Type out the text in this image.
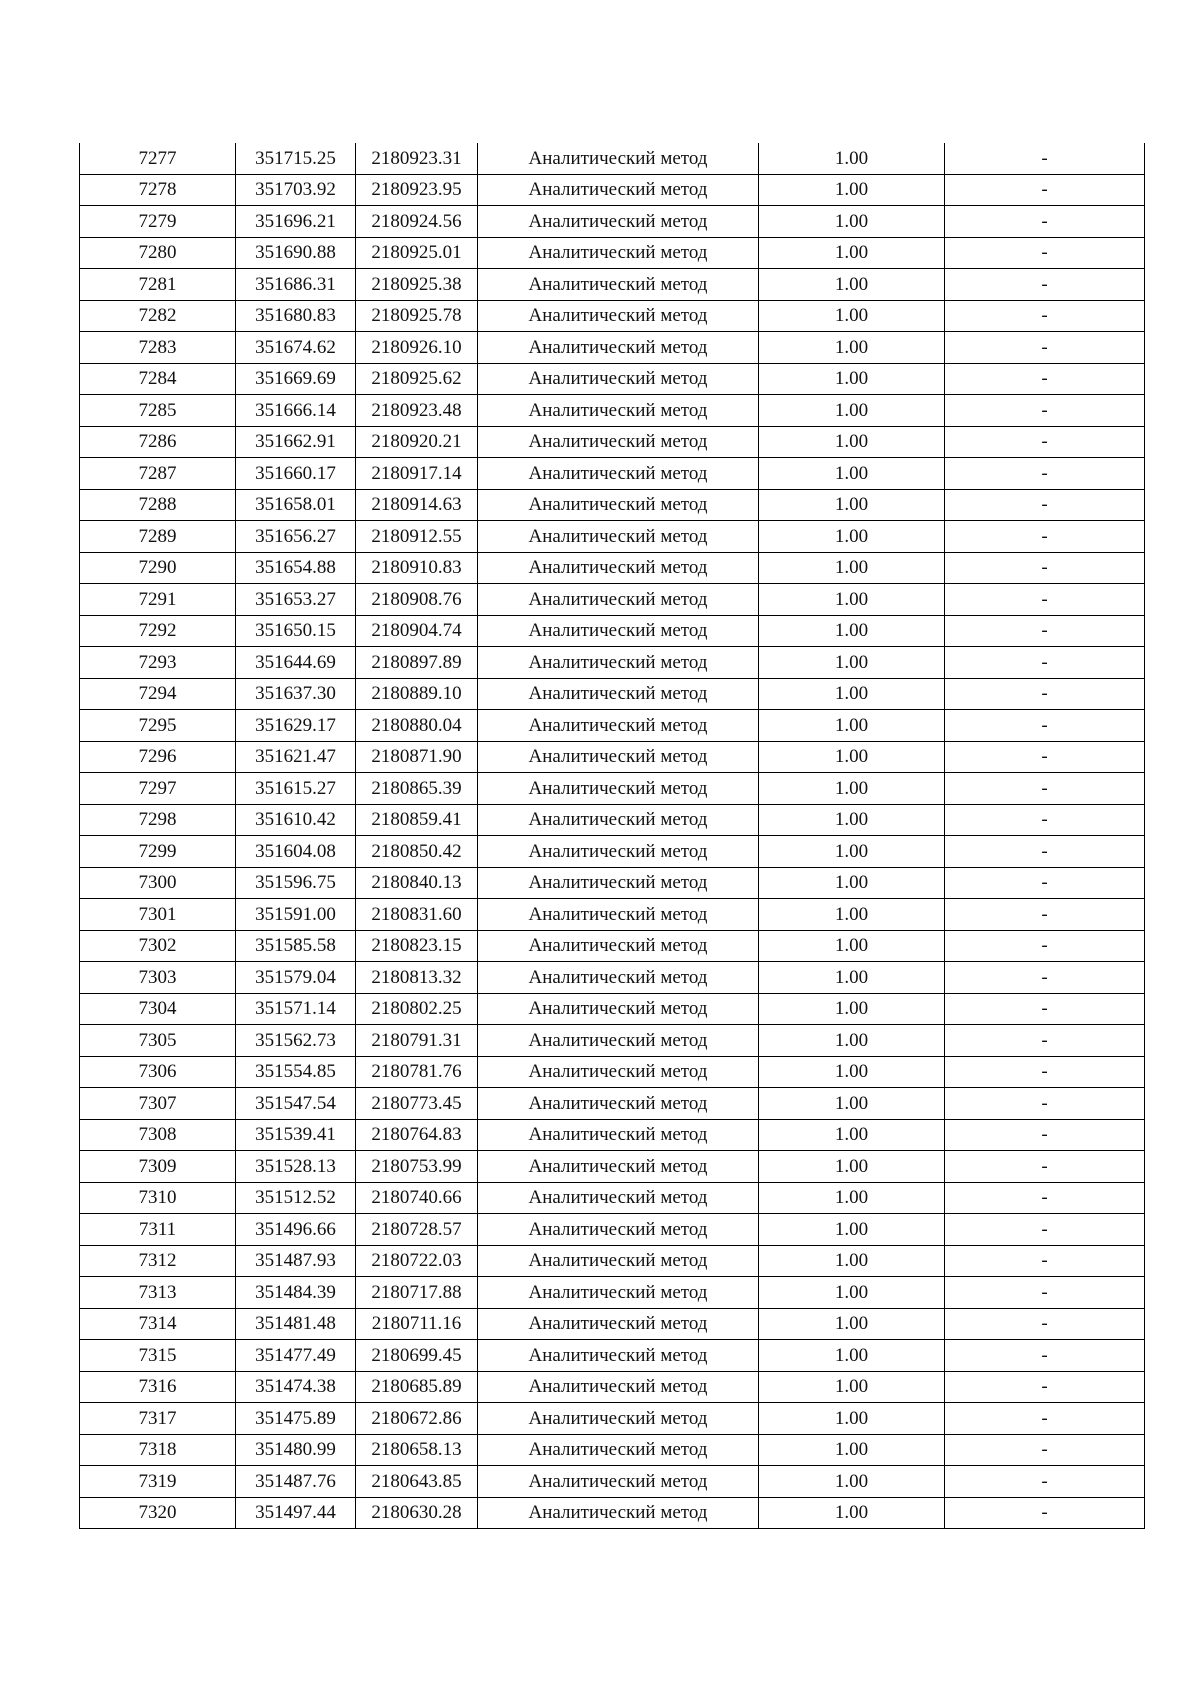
7277	351715.25	2180923.31	Аналитический метод	1.00	-
7278	351703.92	2180923.95	Аналитический метод	1.00	-
7279	351696.21	2180924.56	Аналитический метод	1.00	-
7280	351690.88	2180925.01	Аналитический метод	1.00	-
7281	351686.31	2180925.38	Аналитический метод	1.00	-
7282	351680.83	2180925.78	Аналитический метод	1.00	-
7283	351674.62	2180926.10	Аналитический метод	1.00	-
7284	351669.69	2180925.62	Аналитический метод	1.00	-
7285	351666.14	2180923.48	Аналитический метод	1.00	-
7286	351662.91	2180920.21	Аналитический метод	1.00	-
7287	351660.17	2180917.14	Аналитический метод	1.00	-
7288	351658.01	2180914.63	Аналитический метод	1.00	-
7289	351656.27	2180912.55	Аналитический метод	1.00	-
7290	351654.88	2180910.83	Аналитический метод	1.00	-
7291	351653.27	2180908.76	Аналитический метод	1.00	-
7292	351650.15	2180904.74	Аналитический метод	1.00	-
7293	351644.69	2180897.89	Аналитический метод	1.00	-
7294	351637.30	2180889.10	Аналитический метод	1.00	-
7295	351629.17	2180880.04	Аналитический метод	1.00	-
7296	351621.47	2180871.90	Аналитический метод	1.00	-
7297	351615.27	2180865.39	Аналитический метод	1.00	-
7298	351610.42	2180859.41	Аналитический метод	1.00	-
7299	351604.08	2180850.42	Аналитический метод	1.00	-
7300	351596.75	2180840.13	Аналитический метод	1.00	-
7301	351591.00	2180831.60	Аналитический метод	1.00	-
7302	351585.58	2180823.15	Аналитический метод	1.00	-
7303	351579.04	2180813.32	Аналитический метод	1.00	-
7304	351571.14	2180802.25	Аналитический метод	1.00	-
7305	351562.73	2180791.31	Аналитический метод	1.00	-
7306	351554.85	2180781.76	Аналитический метод	1.00	-
7307	351547.54	2180773.45	Аналитический метод	1.00	-
7308	351539.41	2180764.83	Аналитический метод	1.00	-
7309	351528.13	2180753.99	Аналитический метод	1.00	-
7310	351512.52	2180740.66	Аналитический метод	1.00	-
7311	351496.66	2180728.57	Аналитический метод	1.00	-
7312	351487.93	2180722.03	Аналитический метод	1.00	-
7313	351484.39	2180717.88	Аналитический метод	1.00	-
7314	351481.48	2180711.16	Аналитический метод	1.00	-
7315	351477.49	2180699.45	Аналитический метод	1.00	-
7316	351474.38	2180685.89	Аналитический метод	1.00	-
7317	351475.89	2180672.86	Аналитический метод	1.00	-
7318	351480.99	2180658.13	Аналитический метод	1.00	-
7319	351487.76	2180643.85	Аналитический метод	1.00	-
7320	351497.44	2180630.28	Аналитический метод	1.00	-
